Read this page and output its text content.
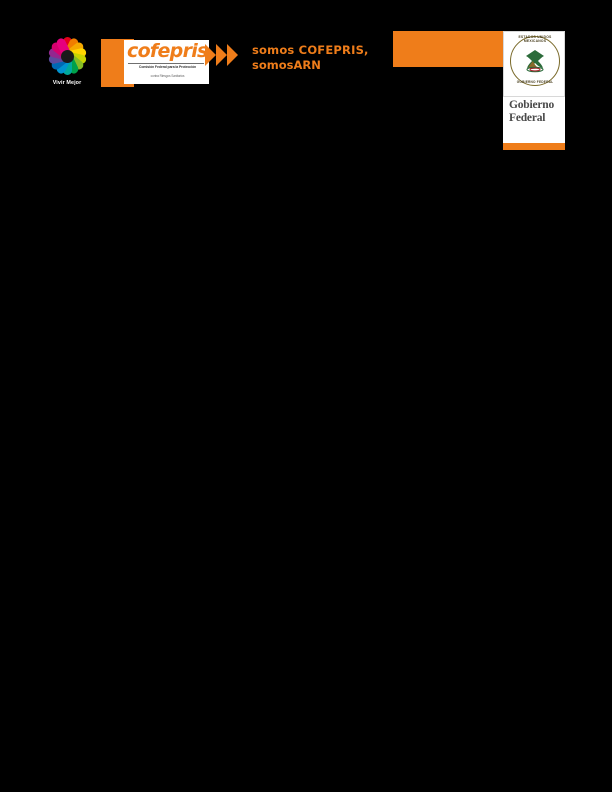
Vivir Mejor
cofepris
Comisión Federal para la Protección
contra Riesgos Sanitarios
somos COFEPRIS,
somosARN
ESTADOS UNIDOS MEXICANOS
GOBIERNO FEDERAL
Gobierno
Federal
